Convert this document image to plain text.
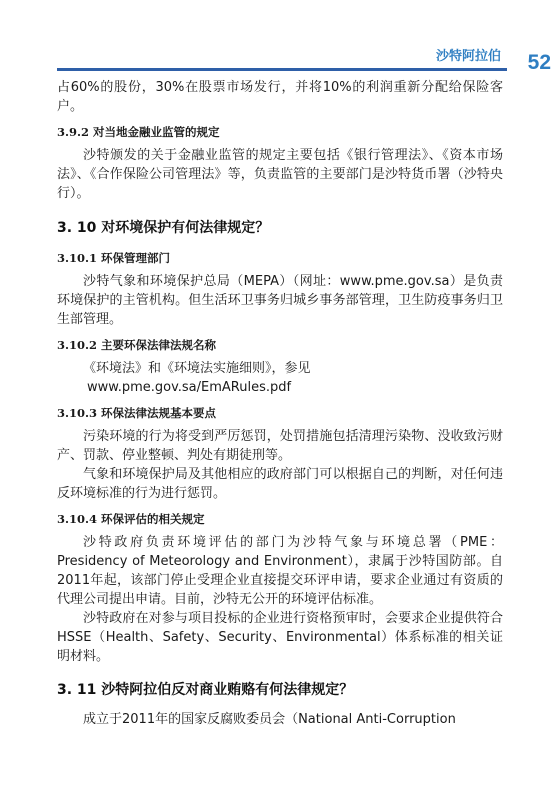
沙特阿拉伯 52

占60%的股份，30%在股票市场发行，并将10%的利润重新分配给保险客户。

3.9.2 对当地金融业监管的规定

沙特颁发的关于金融业监管的规定主要包括《银行管理法》、《资本市场法》、《合作保险公司管理法》等，负责监管的主要部门是沙特货币署（沙特央行）。

3. 10 对环境保护有何法律规定？

3.10.1 环保管理部门

沙特气象和环境保护总局（MEPA）（网址：www.pme.gov.sa）是负责环境保护的主管机构。但生活环卫事务归城乡事务部管理，卫生防疫事务归卫生部管理。

3.10.2 主要环保法律法规名称

《环境法》和《环境法实施细则》，参见

www.pme.gov.sa/EmARules.pdf

3.10.3 环保法律法规基本要点

污染环境的行为将受到严厉惩罚，处罚措施包括清理污染物、没收致污财产、罚款、停业整顿、判处有期徒刑等。

气象和环境保护局及其他相应的政府部门可以根据自己的判断，对任何违反环境标准的行为进行惩罚。

3.10.4 环保评估的相关规定

沙特政府负责环境评估的部门为沙特气象与环境总署（PME：Presidency of Meteorology and Environment），隶属于沙特国防部。自2011年起，该部门停止受理企业直接提交环评申请，要求企业通过有资质的代理公司提出申请。目前，沙特无公开的环境评估标准。

沙特政府在对参与项目投标的企业进行资格预审时，会要求企业提供符合HSSE（Health、Safety、Security、Environmental）体系标准的相关证明材料。

3. 11 沙特阿拉伯反对商业贿赂有何法律规定？

成立于2011年的国家反腐败委员会（National Anti-Corruption
